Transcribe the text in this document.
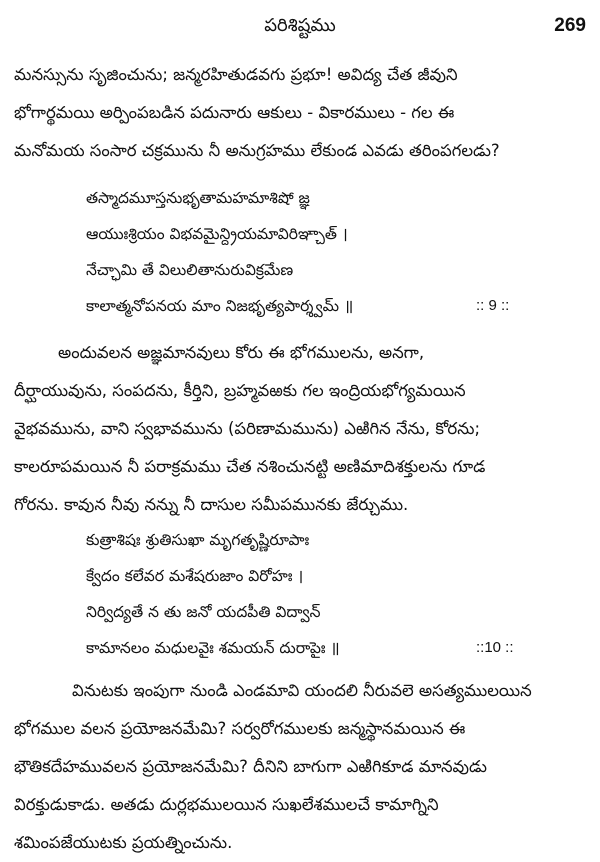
పరిశిష్టము	269
మనస్సును సృజించును; జన్మరహితుడవగు ప్రభూ! అవిద్య చేత జీవుని
భోగార్థమయి అర్పింపబడిన పదునారు ఆకులు - వికారములు - గల ఈ
మనోమయ సంసార చక్రమును నీ అనుగ్రహము లేకుండ ఎవడు తరింపగలడు?
తస్మాదమూస్తనుభృతామహమాశిషో జ్ఞ
ఆయుఃశ్రియం విభవమైన్ద్రియమావిరిఞ్చాత్ ।
నేచ్ఛామి తే విలులితానురువిక్రమేణ
కాలాత్మనోపనయ మాం నిజభృత్యపార్శ్వమ్ ॥	:: 9 ::
అందువలన అజ్ఞమానవులు కోరు ఈ భోగములను, అనగా,
దీర్ఘాయువును, సంపదను, కీర్తిని, బ్రహ్మవఱకు గల ఇంద్రియభోగ్యమయిన
వైభవమును, వాని స్వభావమును (పరిణామమును) ఎఱిగిన నేను, కోరను;
కాలరూపమయిన నీ పరాక్రమము చేత నశించునట్టి అణిమాదిశక్తులను గూడ
గోరను. కావున నీవు నన్ను నీ దాసుల సమీపమునకు జేర్చుము.
కుత్రాశిషః శ్రుతిసుఖా మృగతృష్ణిరూపాః
క్వేదం కలేవర మశేషరుజాం విరోహః ।
నిర్విద్యతే న తు జనో యదపీతి విద్వాన్
కామానలం మధులవైః శమయన్ దురాపైః ॥	::10 ::
వినుటకు ఇంపుగా నుండి ఎండమావి యందలి నీరువలె అసత్యములయిన
భోగముల వలన ప్రయోజనమేమి? సర్వరోగములకు జన్మస్థానమయిన ఈ
భౌతికదేహమువలన ప్రయోజనమేమి? దీనిని బాగుగా ఎఱిగికూడ మానవుడు
విరక్తుడుకాడు. అతడు దుర్లభములయిన సుఖలేశములచే కామాగ్నిని
శమింపజేయుటకు ప్రయత్నించును.
